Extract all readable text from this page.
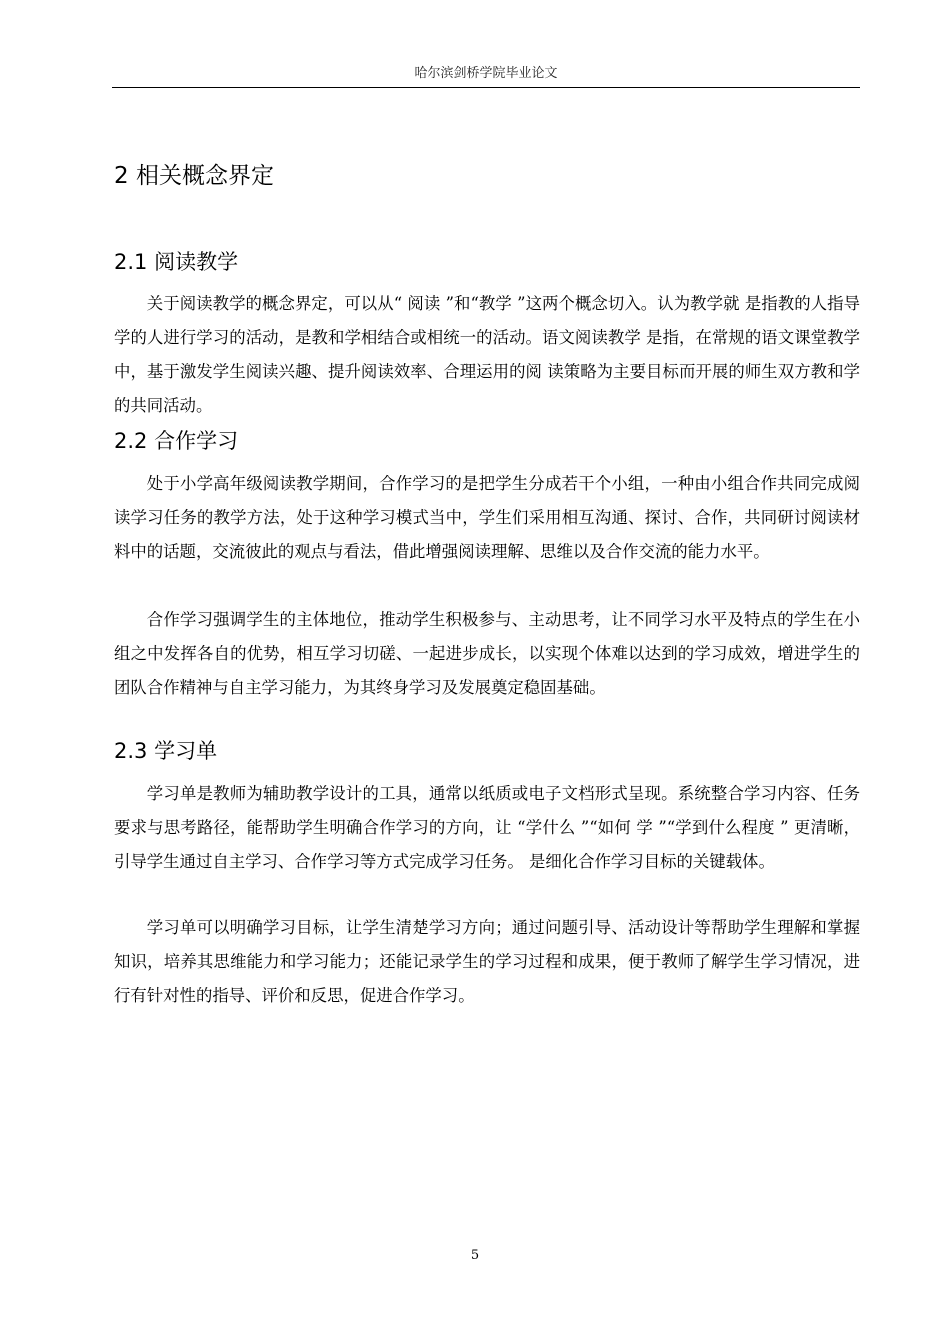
哈尔滨剑桥学院毕业论文
2 相关概念界定
2.1 阅读教学

关于阅读教学的概念界定，可以从“ 阅读 ”和“教学 ”这两个概念切入。认为教学就 是指教的人指导学的人进行学习的活动，是教和学相结合或相统一的活动。语文阅读教学 是指，在常规的语文课堂教学中，基于激发学生阅读兴趣、提升阅读效率、合理运用的阅 读策略为主要目标而开展的师生双方教和学的共同活动。

2.2 合作学习

处于小学高年级阅读教学期间，合作学习的是把学生分成若干个小组，一种由小组合作共同完成阅读学习任务的教学方法，处于这种学习模式当中，学生们采用相互沟通、探讨、合作，共同研讨阅读材料中的话题，交流彼此的观点与看法，借此增强阅读理解、思维以及合作交流的能力水平。

合作学习强调学生的主体地位，推动学生积极参与、主动思考，让不同学习水平及特点的学生在小组之中发挥各自的优势，相互学习切磋、一起进步成长，以实现个体难以达到的学习成效，增进学生的团队合作精神与自主学习能力，为其终身学习及发展奠定稳固基础。

2.3 学习单

学习单是教师为辅助教学设计的工具，通常以纸质或电子文档形式呈现。系统整合学习内容、任务要求与思考路径，能帮助学生明确合作学习的方向，让 “学什么 ”“如何 学 ”“学到什么程度 ” 更清晰，引导学生通过自主学习、合作学习等方式完成学习任务。 是细化合作学习目标的关键载体。

学习单可以明确学习目标，让学生清楚学习方向；通过问题引导、活动设计等帮助学生理解和掌握知识，培养其思维能力和学习能力；还能记录学生的学习过程和成果，便于教师了解学生学习情况，进行有针对性的指导、评价和反思，促进合作学习。

5
